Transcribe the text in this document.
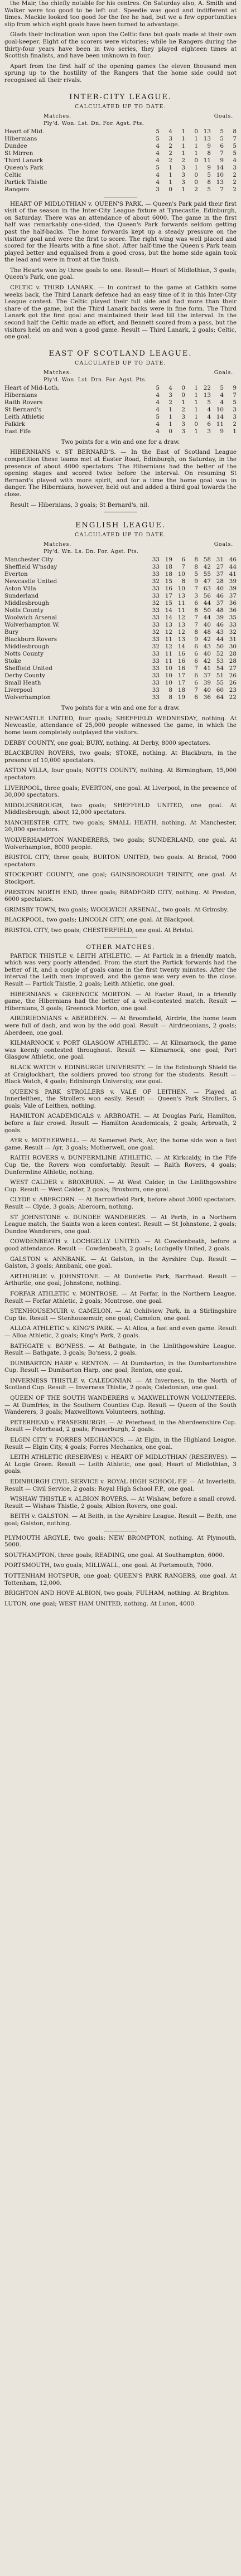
the Mair, tho chiefly notable for his centres. On Saturday also, A. Smith and Walker were too good to be left out. Speedie was good and indifferent at times. Mackie looked too good for the fee he had, but we a few opportunities slip from which eight goals have been turned to advantage.

Glads their inclination won upon the Celtic fans but goals made at their own goal-keeper. Eight of the scorers were victories; while he Rangers during the thirty-four years have been in two series, they played eighteen times at Scottish finalists, and have been unknown in four.

Apart from the first half of the opening games the eleven thousand men sprung up to the hostility of the Rangers that the home side could not recognised all their rivals.

INTER-CITY LEAGUE.
CALCULATED UP TO DATE.
Matches.	Goals.
Ply'd. Won. Lst. Dn. For. Agst. Pts.
Heart of Mid.	5	4	1	0	13	5	8
Hibernians	5	3	1	1	13	5	7
Dundee	4	2	1	1	9	6	5
St Mirren	4	2	1	1	8	7	5
Third Lanark	4	2	2	0	11	9	4
Queen's Park	5	1	3	1	9	14	3
Celtic	4	1	3	0	5	10	2
Partick Thistle	4	1	3	0	8	13	2
Rangers	3	0	1	2	5	7	2

HEART OF MIDLOTHIAN v. QUEEN'S PARK. — Queen's Park paid their first visit of the season in the Inter-City League fixture at Tynecastle, Edinburgh, on Saturday. There was an attendance of about 6000. The game in the first half was remarkably one-sided, the Queen's Park forwards seldom getting past the half-backs. The home forwards kept up a steady pressure on the visitors' goal and were the first to score. The right wing was well placed and scored for the Hearts with a fine shot. After half-time the Queen's Park team played better and equalised from a good cross, but the home side again took the lead and were in front at the finish.

The Hearts won by three goals to one. Result— Heart of Midlothian, 3 goals; Queen's Park, one goal.

CELTIC v. THIRD LANARK. — In contrast to the game at Cathkin some weeks back, the Third Lanark defence had an easy time of it in this Inter-City League contest. The Celtic played their full side and had more than their share of the game, but the Third Lanark backs were in fine form. The Third Lanark got the first goal and maintained their lead till the interval. In the second half the Celtic made an effort, and Bennett scored from a pass, but the visitors held on and won a good game. Result — Third Lanark, 2 goals; Celtic, one goal.

EAST OF SCOTLAND LEAGUE.
CALCULATED UP TO DATE.
Matches.	Goals.
Ply'd. Won. Lst. Drn. For. Agst. Pts.
Heart of Mid-Loth.	5	4	0	1	22	5	9
Hibernians	4	3	0	1	13	4	7
Raith Rovers	4	2	1	1	5	4	5
St Bernard's	4	1	2	1	4	10	3
Leith Athletic	5	1	3	1	4	14	3
Falkirk	4	1	3	0	6	11	2
East Fife	4	0	3	1	3	9	1

Two points for a win and one for a draw.

HIBERNIANS v. ST BERNARD'S. — In the East of Scotland League competition these teams met at Easter Road, Edinburgh, on Saturday, in the presence of about 4000 spectators. The Hibernians had the better of the opening stages and scored twice before the interval. On resuming St Bernard's played with more spirit, and for a time the home goal was in danger. The Hibernians, however, held out and added a third goal towards the close.

Result — Hibernians, 3 goals; St Bernard's, nil.

ENGLISH LEAGUE.
CALCULATED UP TO DATE.
Matches.	Goals.
Ply'd. Wn. Ls. Dn. For. Agst. Pts.
Manchester City	33	19	6	8	58	31	46
Sheffield W'nsday	33	18	7	8	42	27	44
Everton	33	18	10	5	55	37	41
Newcastle United	32	15	8	9	47	28	39
Aston Villa	33	16	10	7	63	40	39
Sunderland	33	17	13	3	56	46	37
Middlesbrough	32	15	11	6	44	37	36
Notts County	33	14	11	8	50	48	36
Woolwich Arsenal	33	14	12	7	44	39	35
Wolverhampton W.	33	13	13	7	40	46	33
Bury	32	12	12	8	48	43	32
Blackburn Rovers	33	11	13	9	42	44	31
Middlesbrough	32	12	14	6	43	50	30
Notts County	33	11	16	6	40	52	28
Stoke	33	11	16	6	42	53	28
Sheffield United	33	10	16	7	41	54	27
Derby County	33	10	17	6	37	51	26
Small Heath	33	10	17	6	39	55	26
Liverpool	33	8	18	7	40	60	23
Wolverhampton	33	8	19	6	36	64	22

Two points for a win and one for a draw.

NEWCASTLE UNITED, four goals; SHEFFIELD WEDNESDAY, nothing. At Newcastle, attendance of 25,000 people witnessed the game, in which the home team completely outplayed the visitors.

DERBY COUNTY, one goal; BURY, nothing. At Derby, 8000 spectators.

BLACKBURN ROVERS, two goals; STOKE, nothing. At Blackburn, in the presence of 10,000 spectators.

ASTON VILLA, four goals; NOTTS COUNTY, nothing. At Birmingham, 15,000 spectators.

LIVERPOOL, three goals; EVERTON, one goal. At Liverpool, in the presence of 30,000 spectators.

MIDDLESBROUGH, two goals; SHEFFIELD UNITED, one goal. At Middlesbrough, about 12,000 spectators.

MANCHESTER CITY, two goals; SMALL HEATH, nothing. At Manchester, 20,000 spectators.

WOLVERHAMPTON WANDERERS, two goals; SUNDERLAND, one goal. At Wolverhampton, 8000 people.

BRISTOL CITY, three goals; BURTON UNITED, two goals. At Bristol, 7000 spectators.

STOCKPORT COUNTY, one goal; GAINSBOROUGH TRINITY, one goal. At Stockport.

PRESTON NORTH END, three goals; BRADFORD CITY, nothing. At Preston, 6000 spectators.

GRIMSBY TOWN, two goals; WOOLWICH ARSENAL, two goals. At Grimsby.

BLACKPOOL, two goals; LINCOLN CITY, one goal. At Blackpool.

BRISTOL CITY, two goals; CHESTERFIELD, one goal. At Bristol.

OTHER MATCHES.

PARTICK THISTLE v. LEITH ATHLETIC. — At Partick in a friendly match, which was very poorly attended. From the start the Partick forwards had the better of it, and a couple of goals came in the first twenty minutes. After the interval the Leith men improved, and the game was very even to the close. Result — Partick Thistle, 2 goals; Leith Athletic, one goal.

HIBERNIANS v. GREENOCK MORTON. — At Easter Road, in a friendly game, the Hibernians had the better of a well-contested match. Result — Hibernians, 3 goals; Greenock Morton, one goal.

AIRDRIEONIANS v. ABERDEEN. — At Broomfield, Airdrie, the home team were full of dash, and won by the odd goal. Result — Airdrieonians, 2 goals; Aberdeen, one goal.

KILMARNOCK v. PORT GLASGOW ATHLETIC. — At Kilmarnock, the game was keenly contested throughout. Result — Kilmarnock, one goal; Port Glasgow Athletic, one goal.

BLACK WATCH v. EDINBURGH UNIVERSITY. — In the Edinburgh Shield tie at Craiglockhart, the soldiers proved too strong for the students. Result — Black Watch, 4 goals; Edinburgh University, one goal.

QUEEN'S PARK STROLLERS v. VALE OF LEITHEN. — Played at Innerleithen, the Strollers won easily. Result — Queen's Park Strollers, 5 goals; Vale of Leithen, nothing.

HAMILTON ACADEMICALS v. ARBROATH. — At Douglas Park, Hamilton, before a fair crowd. Result — Hamilton Academicals, 2 goals; Arbroath, 2 goals.

AYR v. MOTHERWELL. — At Somerset Park, Ayr, the home side won a fast game. Result — Ayr, 3 goals; Motherwell, one goal.

RAITH ROVERS v. DUNFERMLINE ATHLETIC. — At Kirkcaldy, in the Fife Cup tie, the Rovers won comfortably. Result — Raith Rovers, 4 goals; Dunfermline Athletic, nothing.

WEST CALDER v. BROXBURN. — At West Calder, in the Linlithgowshire Cup. Result — West Calder, 2 goals; Broxburn, one goal.

CLYDE v. ABERCORN. — At Barrowfield Park, before about 3000 spectators. Result — Clyde, 3 goals; Abercorn, nothing.

ST JOHNSTONE v. DUNDEE WANDERERS. — At Perth, in a Northern League match, the Saints won a keen contest. Result — St Johnstone, 2 goals; Dundee Wanderers, one goal.

COWDENBEATH v. LOCHGELLY UNITED. — At Cowdenbeath, before a good attendance. Result — Cowdenbeath, 2 goals; Lochgelly United, 2 goals.

GALSTON v. ANNBANK. — At Galston, in the Ayrshire Cup. Result — Galston, 3 goals; Annbank, one goal.

ARTHURLIE v. JOHNSTONE. — At Dunterlie Park, Barrhead. Result — Arthurlie, one goal; Johnstone, nothing.

FORFAR ATHLETIC v. MONTROSE. — At Forfar, in the Northern League. Result — Forfar Athletic, 2 goals; Montrose, one goal.

STENHOUSEMUIR v. CAMELON. — At Ochilview Park, in a Stirlingshire Cup tie. Result — Stenhousemuir, one goal; Camelon, one goal.

ALLOA ATHLETIC v. KING'S PARK. — At Alloa, a fast and even game. Result — Alloa Athletic, 2 goals; King's Park, 2 goals.

BATHGATE v. BO'NESS. — At Bathgate, in the Linlithgowshire League. Result — Bathgate, 3 goals; Bo'ness, 2 goals.

DUMBARTON HARP v. RENTON. — At Dumbarton, in the Dumbartonshire Cup. Result — Dumbarton Harp, one goal; Renton, one goal.

INVERNESS THISTLE v. CALEDONIAN. — At Inverness, in the North of Scotland Cup. Result — Inverness Thistle, 2 goals; Caledonian, one goal.

QUEEN OF THE SOUTH WANDERERS v. MAXWELLTOWN VOLUNTEERS. — At Dumfries, in the Southern Counties Cup. Result — Queen of the South Wanderers, 3 goals; Maxwelltown Volunteers, nothing.

PETERHEAD v. FRASERBURGH. — At Peterhead, in the Aberdeenshire Cup. Result — Peterhead, 2 goals; Fraserburgh, 2 goals.

ELGIN CITY v. FORRES MECHANICS. — At Elgin, in the Highland League. Result — Elgin City, 4 goals; Forres Mechanics, one goal.

LEITH ATHLETIC (RESERVES) v. HEART OF MIDLOTHIAN (RESERVES). — At Logie Green. Result — Leith Athletic, one goal; Heart of Midlothian, 3 goals.

EDINBURGH CIVIL SERVICE v. ROYAL HIGH SCHOOL F.P. — At Inverleith. Result — Civil Service, 2 goals; Royal High School F.P., one goal.

WISHAW THISTLE v. ALBION ROVERS. — At Wishaw, before a small crowd. Result — Wishaw Thistle, 2 goals; Albion Rovers, one goal.

BEITH v. GALSTON. — At Beith, in the Ayrshire League. Result — Beith, one goal; Galston, nothing.

PLYMOUTH ARGYLE, two goals; NEW BROMPTON, nothing. At Plymouth, 5000.

SOUTHAMPTON, three goals; READING, one goal. At Southampton, 6000.

PORTSMOUTH, two goals; MILLWALL, one goal. At Portsmouth, 7000.

TOTTENHAM HOTSPUR, one goal; QUEEN'S PARK RANGERS, one goal. At Tottenham, 12,000.

BRIGHTON AND HOVE ALBION, two goals; FULHAM, nothing. At Brighton.

LUTON, one goal; WEST HAM UNITED, nothing. At Luton, 4000.
